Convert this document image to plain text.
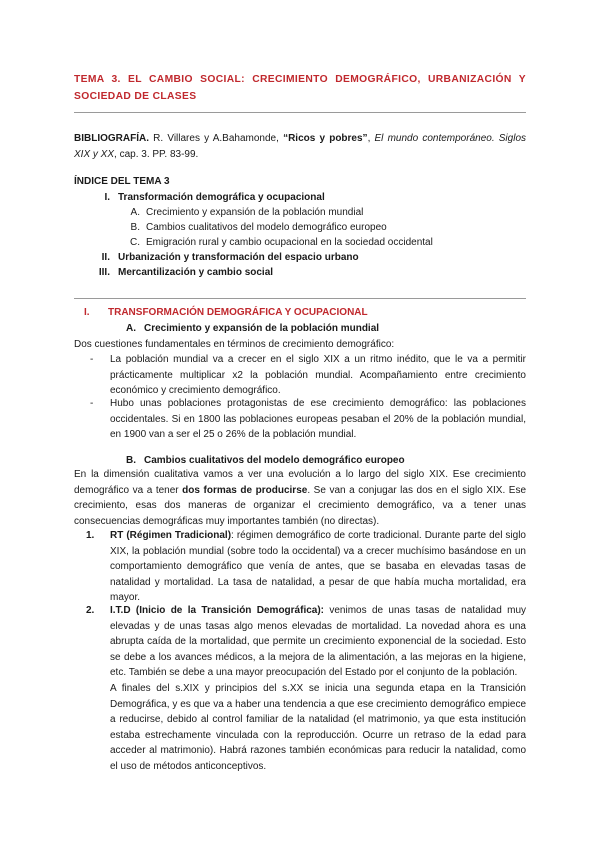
TEMA 3. EL CAMBIO SOCIAL: CRECIMIENTO DEMOGRÁFICO, URBANIZACIÓN Y SOCIEDAD DE CLASES
BIBLIOGRAFÍA. R. Villares y A.Bahamonde, “Ricos y pobres”, El mundo contemporáneo. Siglos XIX y XX, cap. 3. PP. 83-99.
ÍNDICE DEL TEMA 3
I. Transformación demográfica y ocupacional
A. Crecimiento y expansión de la población mundial
B. Cambios cualitativos del modelo demográfico europeo
C. Emigración rural y cambio ocupacional en la sociedad occidental
II. Urbanización y transformación del espacio urbano
III. Mercantilización y cambio social
I. TRANSFORMACIÓN DEMOGRÁFICA Y OCUPACIONAL
A. Crecimiento y expansión de la población mundial
Dos cuestiones fundamentales en términos de crecimiento demográfico:
- La población mundial va a crecer en el siglo XIX a un ritmo inédito, que le va a permitir prácticamente multiplicar x2 la población mundial. Acompañamiento entre crecimiento económico y crecimiento demográfico.
- Hubo unas poblaciones protagonistas de ese crecimiento demográfico: las poblaciones occidentales. Si en 1800 las poblaciones europeas pesaban el 20% de la población mundial, en 1900 van a ser el 25 o 26% de la población mundial.
B. Cambios cualitativos del modelo demográfico europeo
En la dimensión cualitativa vamos a ver una evolución a lo largo del siglo XIX. Ese crecimiento demográfico va a tener dos formas de producirse. Se van a conjugar las dos en el siglo XIX. Ese crecimiento, esas dos maneras de organizar el crecimiento demográfico, va a tener unas consecuencias demográficas muy importantes también (no directas).
1. RT (Régimen Tradicional): régimen demográfico de corte tradicional. Durante parte del siglo XIX, la población mundial (sobre todo la occidental) va a crecer muchísimo basándose en un comportamiento demográfico que venía de antes, que se basaba en elevadas tasas de natalidad y mortalidad. La tasa de natalidad, a pesar de que había mucha mortalidad, era mayor.
2. I.T.D (Inicio de la Transición Demográfica): venimos de unas tasas de natalidad muy elevadas y de unas tasas algo menos elevadas de mortalidad. La novedad ahora es una abrupta caída de la mortalidad, que permite un crecimiento exponencial de la sociedad. Esto se debe a los avances médicos, a la mejora de la alimentación, a las mejoras en la higiene, etc. También se debe a una mayor preocupación del Estado por el conjunto de la población.
A finales del s.XIX y principios del s.XX se inicia una segunda etapa en la Transición Demográfica, y es que va a haber una tendencia a que ese crecimiento demográfico empiece a reducirse, debido al control familiar de la natalidad (el matrimonio, ya que esta institución estaba estrechamente vinculada con la reproducción. Ocurre un retraso de la edad para acceder al matrimonio). Habrá razones también económicas para reducir la natalidad, como el uso de métodos anticonceptivos.
